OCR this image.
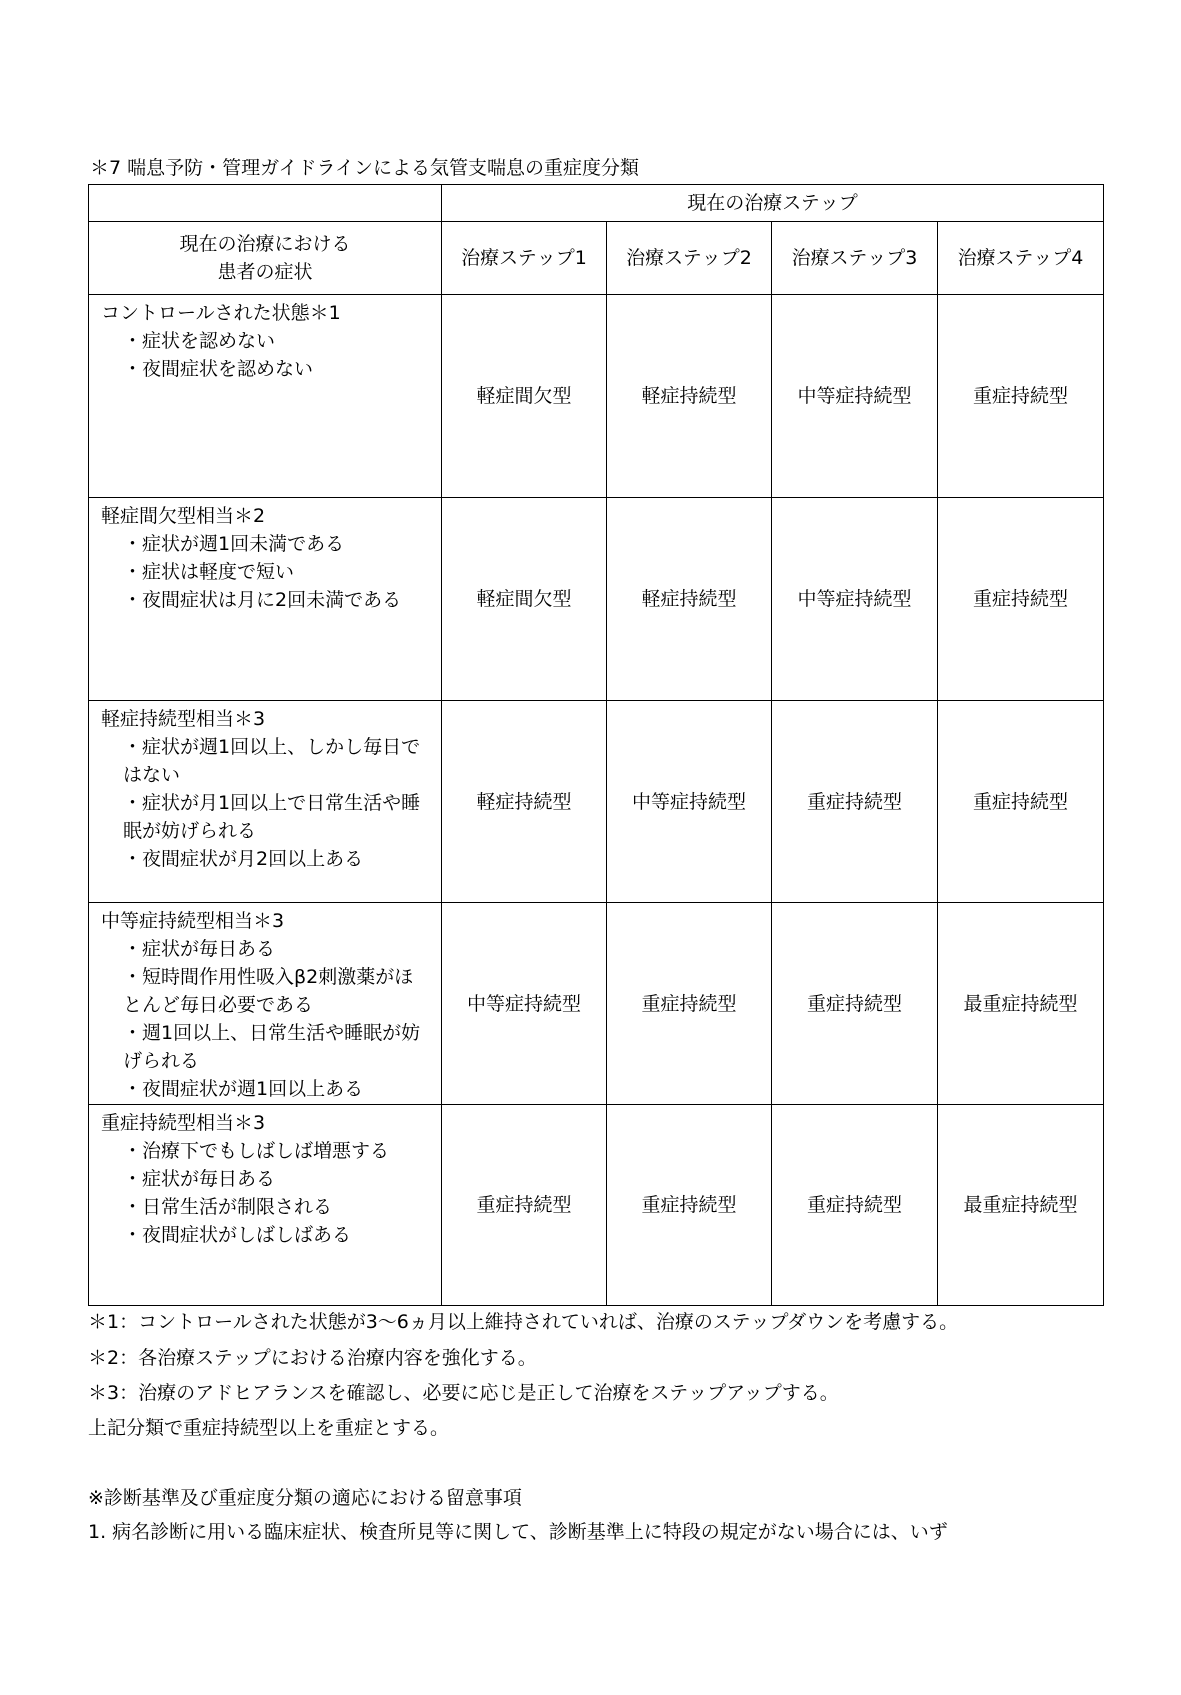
＊7 喘息予防・管理ガイドラインによる気管支喘息の重症度分類
	現在の治療ステップ			

現在の治療における
患者の症状	治療ステップ1	治療ステップ2	治療ステップ3	治療ステップ4

コントロールされた状態＊1
・症状を認めない
・夜間症状を認めない	軽症間欠型	軽症持続型	中等症持続型	重症持続型

軽症間欠型相当＊2
・症状が週1回未満である
・症状は軽度で短い
・夜間症状は月に2回未満である	軽症間欠型	軽症持続型	中等症持続型	重症持続型

軽症持続型相当＊3
・症状が週1回以上、しかし毎日ではない
・症状が月1回以上で日常生活や睡眠が妨げられる
・夜間症状が月2回以上ある	軽症持続型	中等症持続型	重症持続型	重症持続型

中等症持続型相当＊3
・症状が毎日ある
・短時間作用性吸入β2刺激薬がほとんど毎日必要である
・週1回以上、日常生活や睡眠が妨げられる
・夜間症状が週1回以上ある	中等症持続型	重症持続型	重症持続型	最重症持続型

重症持続型相当＊3
・治療下でもしばしば増悪する
・症状が毎日ある
・日常生活が制限される
・夜間症状がしばしばある	重症持続型	重症持続型	重症持続型	最重症持続型
＊1：コントロールされた状態が3～6ヵ月以上維持されていれば、治療のステップダウンを考慮する。
＊2：各治療ステップにおける治療内容を強化する。
＊3：治療のアドヒアランスを確認し、必要に応じ是正して治療をステップアップする。
上記分類で重症持続型以上を重症とする。
※診断基準及び重症度分類の適応における留意事項
1. 病名診断に用いる臨床症状、検査所見等に関して、診断基準上に特段の規定がない場合には、いず
